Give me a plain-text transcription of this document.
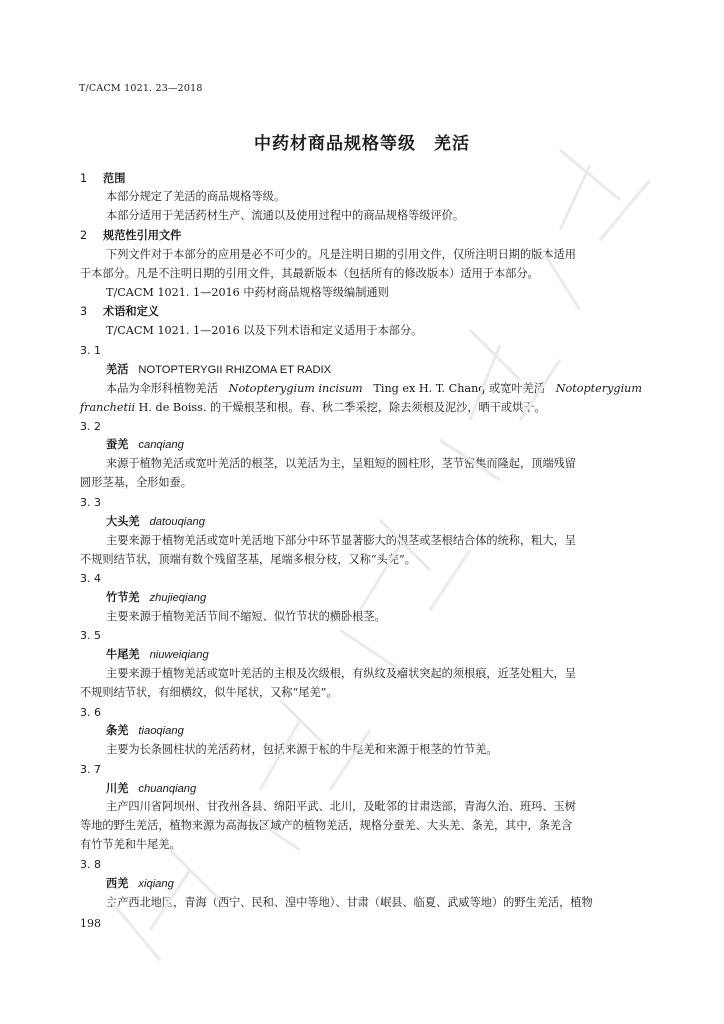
T/CACM 1021. 23—2018
中药材商品规格等级 羌活
1 范围
本部分规定了羌活的商品规格等级。
本部分适用于羌活药材生产、流通以及使用过程中的商品规格等级评价。
2 规范性引用文件
下列文件对于本部分的应用是必不可少的。凡是注明日期的引用文件，仅所注明日期的版本适用
于本部分。凡是不注明日期的引用文件，其最新版本（包括所有的修改版本）适用于本部分。
T/CACM 1021. 1—2016 中药材商品规格等级编制通则
3 术语和定义
T/CACM 1021. 1—2016 以及下列术语和定义适用于本部分。
3. 1
羌活 NOTOPTERYGII RHIZOMA ET RADIX
本品为伞形科植物羌活 Notopterygium incisum Ting ex H. T. Chang 或宽叶羌活 Notopterygium
franchetii H. de Boiss. 的干燥根茎和根。春、秋二季采挖，除去须根及泥沙，晒干或烘干。
3. 2
蚕羌 canqiang
来源于植物羌活或宽叶羌活的根茎，以羌活为主，呈粗短的圆柱形，茎节密集而隆起，顶端残留
圆形茎基，全形如蚕。
3. 3
大头羌 datouqiang
主要来源于植物羌活或宽叶羌活地下部分中环节显著膨大的根茎或茎根结合体的统称，粗大，呈
不规则结节状，顶端有数个残留茎基，尾端多根分枝，又称“头羌”。
3. 4
竹节羌 zhujieqiang
主要来源于植物羌活节间不缩短、似竹节状的横卧根茎。
3. 5
牛尾羌 niuweiqiang
主要来源于植物羌活或宽叶羌活的主根及次级根，有纵纹及瘤状突起的须根痕，近茎处粗大，呈
不规则结节状，有细横纹，似牛尾状，又称“尾羌”。
3. 6
条羌 tiaoqiang
主要为长条圆柱状的羌活药材，包括来源于根的牛尾羌和来源于根茎的竹节羌。
3. 7
川羌 chuanqiang
主产四川省阿坝州、甘孜州各县、绵阳平武、北川，及毗邻的甘肃迭部，青海久治、班玛、玉树
等地的野生羌活，植物来源为高海拔区域产的植物羌活，规格分蚕羌、大头羌、条羌，其中，条羌含
有竹节羌和牛尾羌。
3. 8
西羌 xiqiang
主产西北地区，青海（西宁、民和、湟中等地）、甘肃（岷县、临夏、武威等地）的野生羌活，植物
198
